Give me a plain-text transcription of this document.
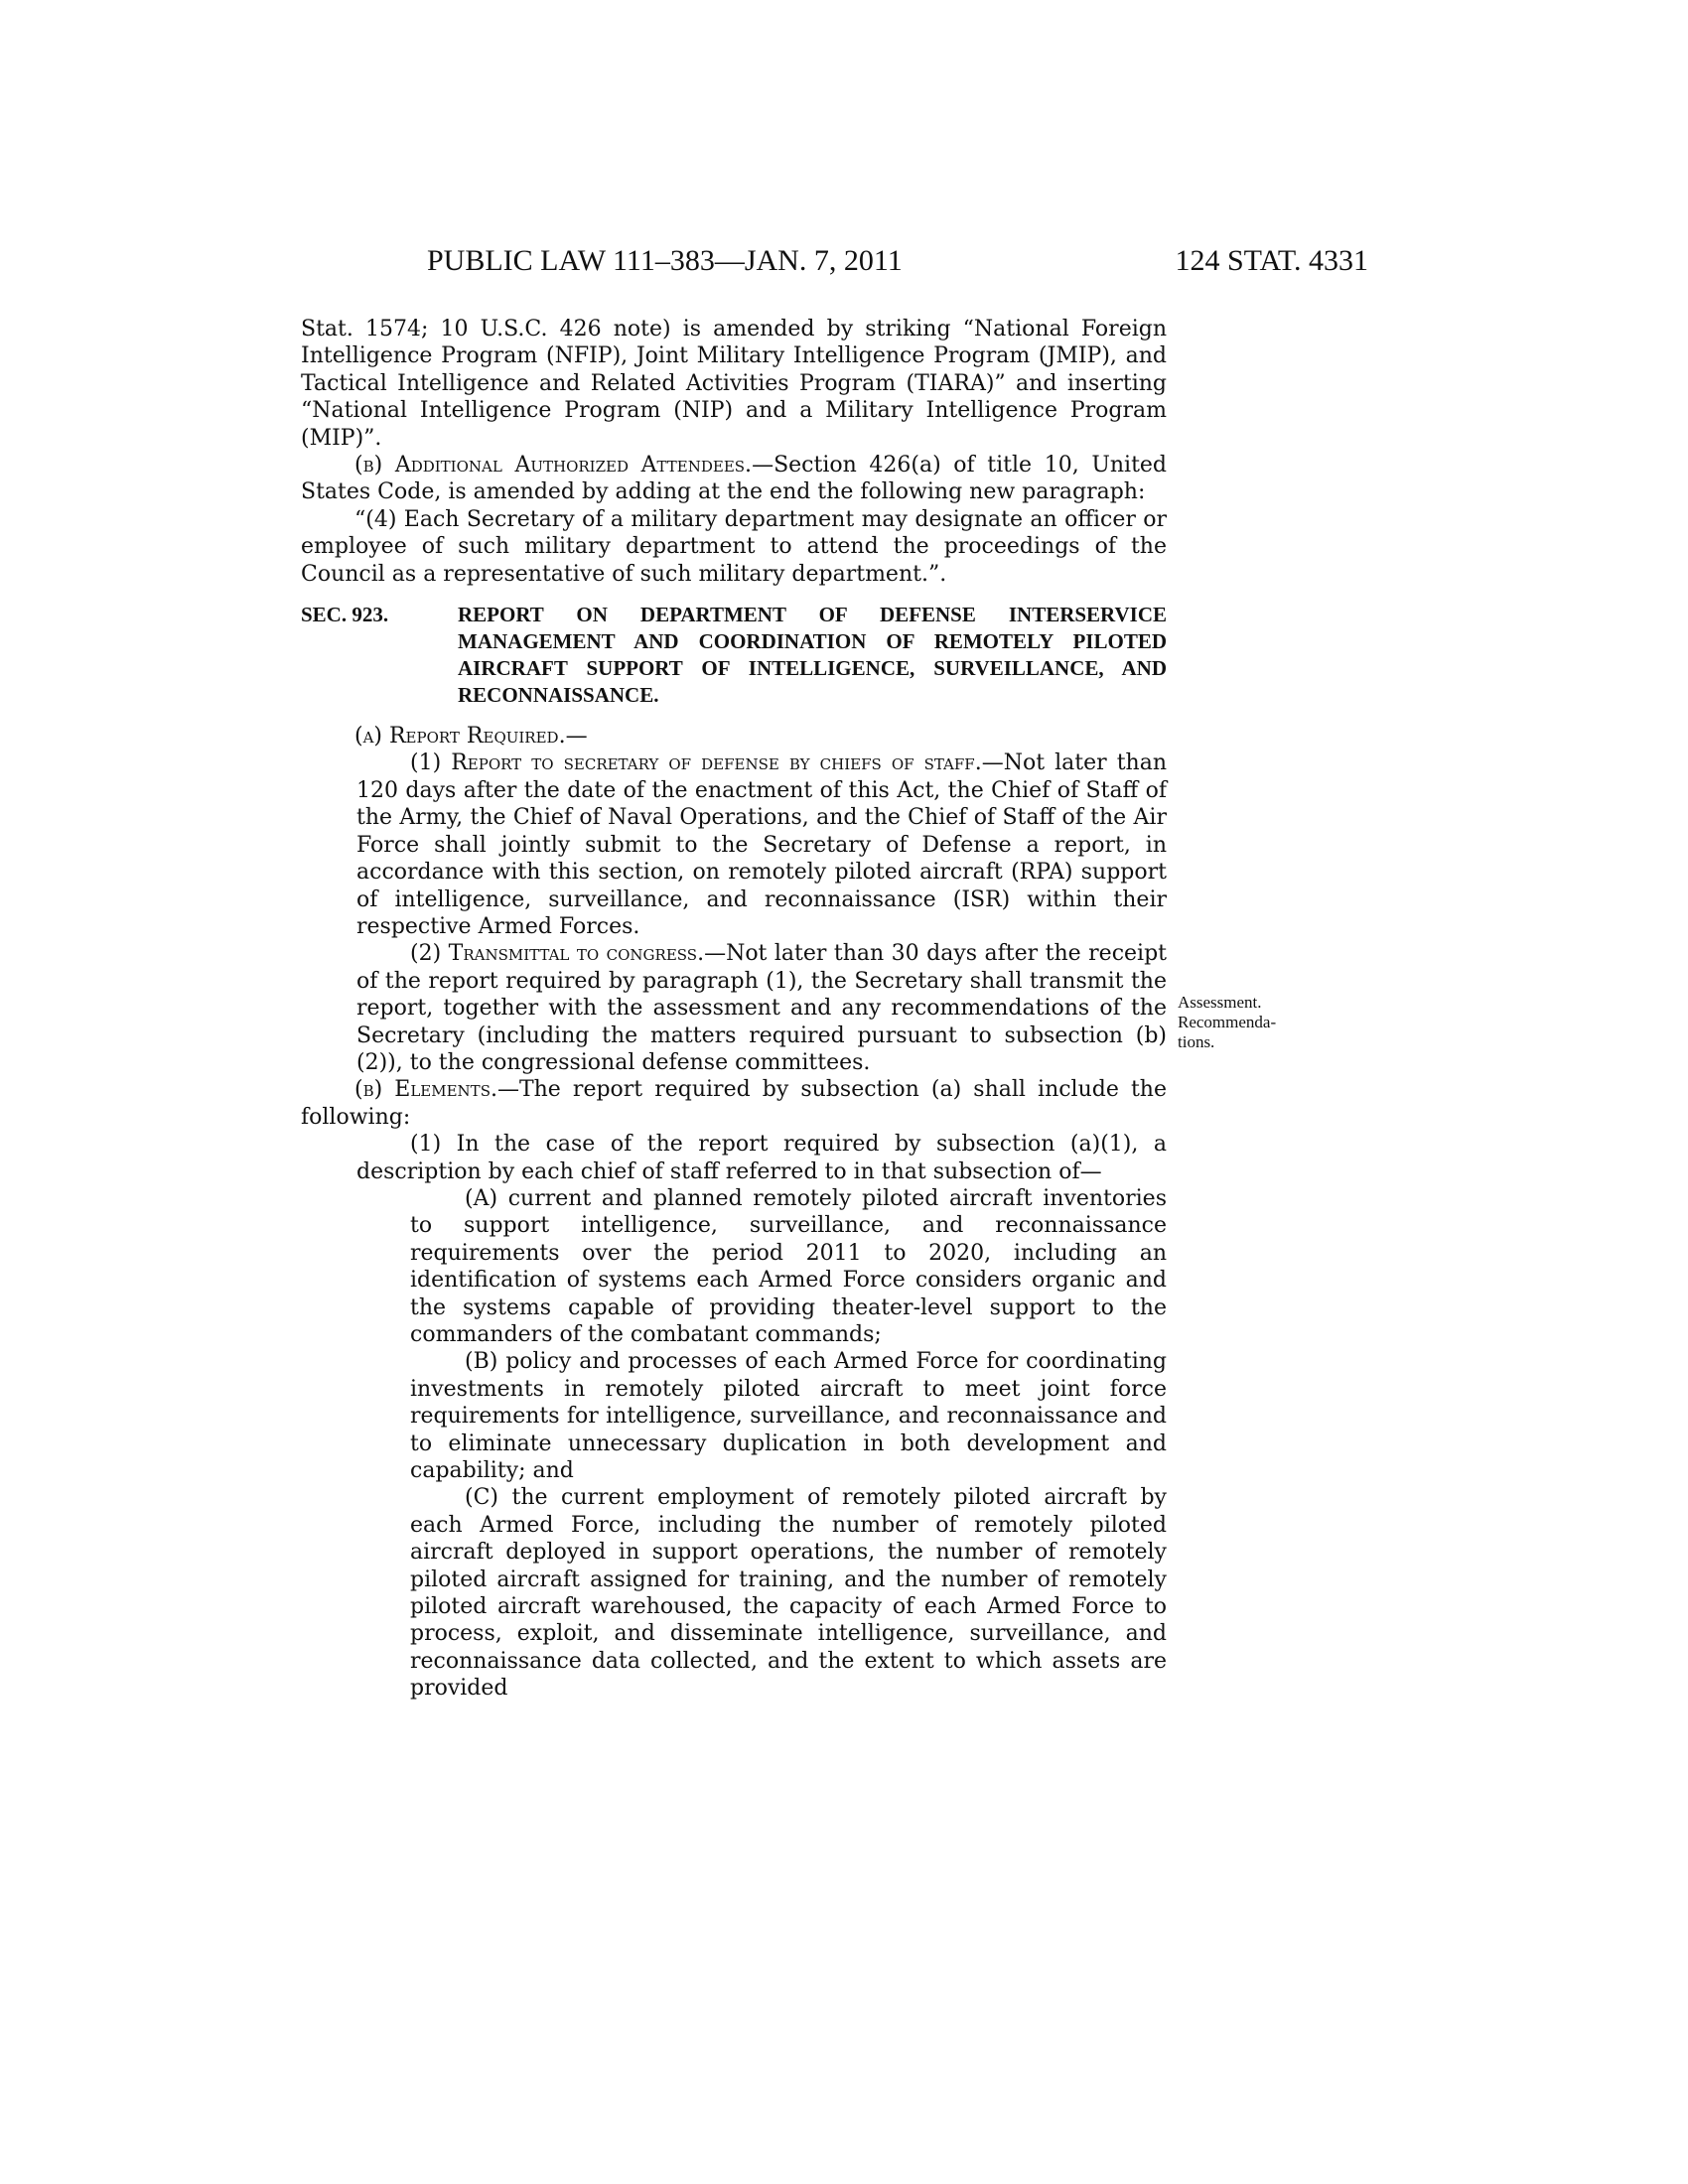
PUBLIC LAW 111–383—JAN. 7, 2011	124 STAT. 4331

Stat. 1574; 10 U.S.C. 426 note) is amended by striking “National Foreign Intelligence Program (NFIP), Joint Military Intelligence Program (JMIP), and Tactical Intelligence and Related Activities Program (TIARA)” and inserting “National Intelligence Program (NIP) and a Military Intelligence Program (MIP)”.

(b) Additional Authorized Attendees.—Section 426(a) of title 10, United States Code, is amended by adding at the end the following new paragraph:

“(4) Each Secretary of a military department may designate an officer or employee of such military department to attend the proceedings of the Council as a representative of such military department.”.

SEC. 923.	REPORT ON DEPARTMENT OF DEFENSE INTERSERVICE MANAGEMENT AND COORDINATION OF REMOTELY PILOTED AIRCRAFT SUPPORT OF INTELLIGENCE, SURVEILLANCE, AND RECONNAISSANCE.

(a) Report Required.—

(1) Report to secretary of defense by chiefs of staff.—Not later than 120 days after the date of the enactment of this Act, the Chief of Staff of the Army, the Chief of Naval Operations, and the Chief of Staff of the Air Force shall jointly submit to the Secretary of Defense a report, in accordance with this section, on remotely piloted aircraft (RPA) support of intelligence, surveillance, and reconnaissance (ISR) within their respective Armed Forces.

(2) Transmittal to congress.—Not later than 30 days after the receipt of the report required by paragraph (1), the Secretary shall transmit the report, together with the assessment and any recommendations of the Secretary (including the matters required pursuant to subsection (b)(2)), to the congressional defense committees.

(b) Elements.—The report required by subsection (a) shall include the following:

(1) In the case of the report required by subsection (a)(1), a description by each chief of staff referred to in that subsection of—

(A) current and planned remotely piloted aircraft inventories to support intelligence, surveillance, and reconnaissance requirements over the period 2011 to 2020, including an identification of systems each Armed Force considers organic and the systems capable of providing theater-level support to the commanders of the combatant commands;

(B) policy and processes of each Armed Force for coordinating investments in remotely piloted aircraft to meet joint force requirements for intelligence, surveillance, and reconnaissance and to eliminate unnecessary duplication in both development and capability; and

(C) the current employment of remotely piloted aircraft by each Armed Force, including the number of remotely piloted aircraft deployed in support operations, the number of remotely piloted aircraft assigned for training, and the number of remotely piloted aircraft warehoused, the capacity of each Armed Force to process, exploit, and disseminate intelligence, surveillance, and reconnaissance data collected, and the extent to which assets are provided

Assessment.
Recommenda-
tions.
